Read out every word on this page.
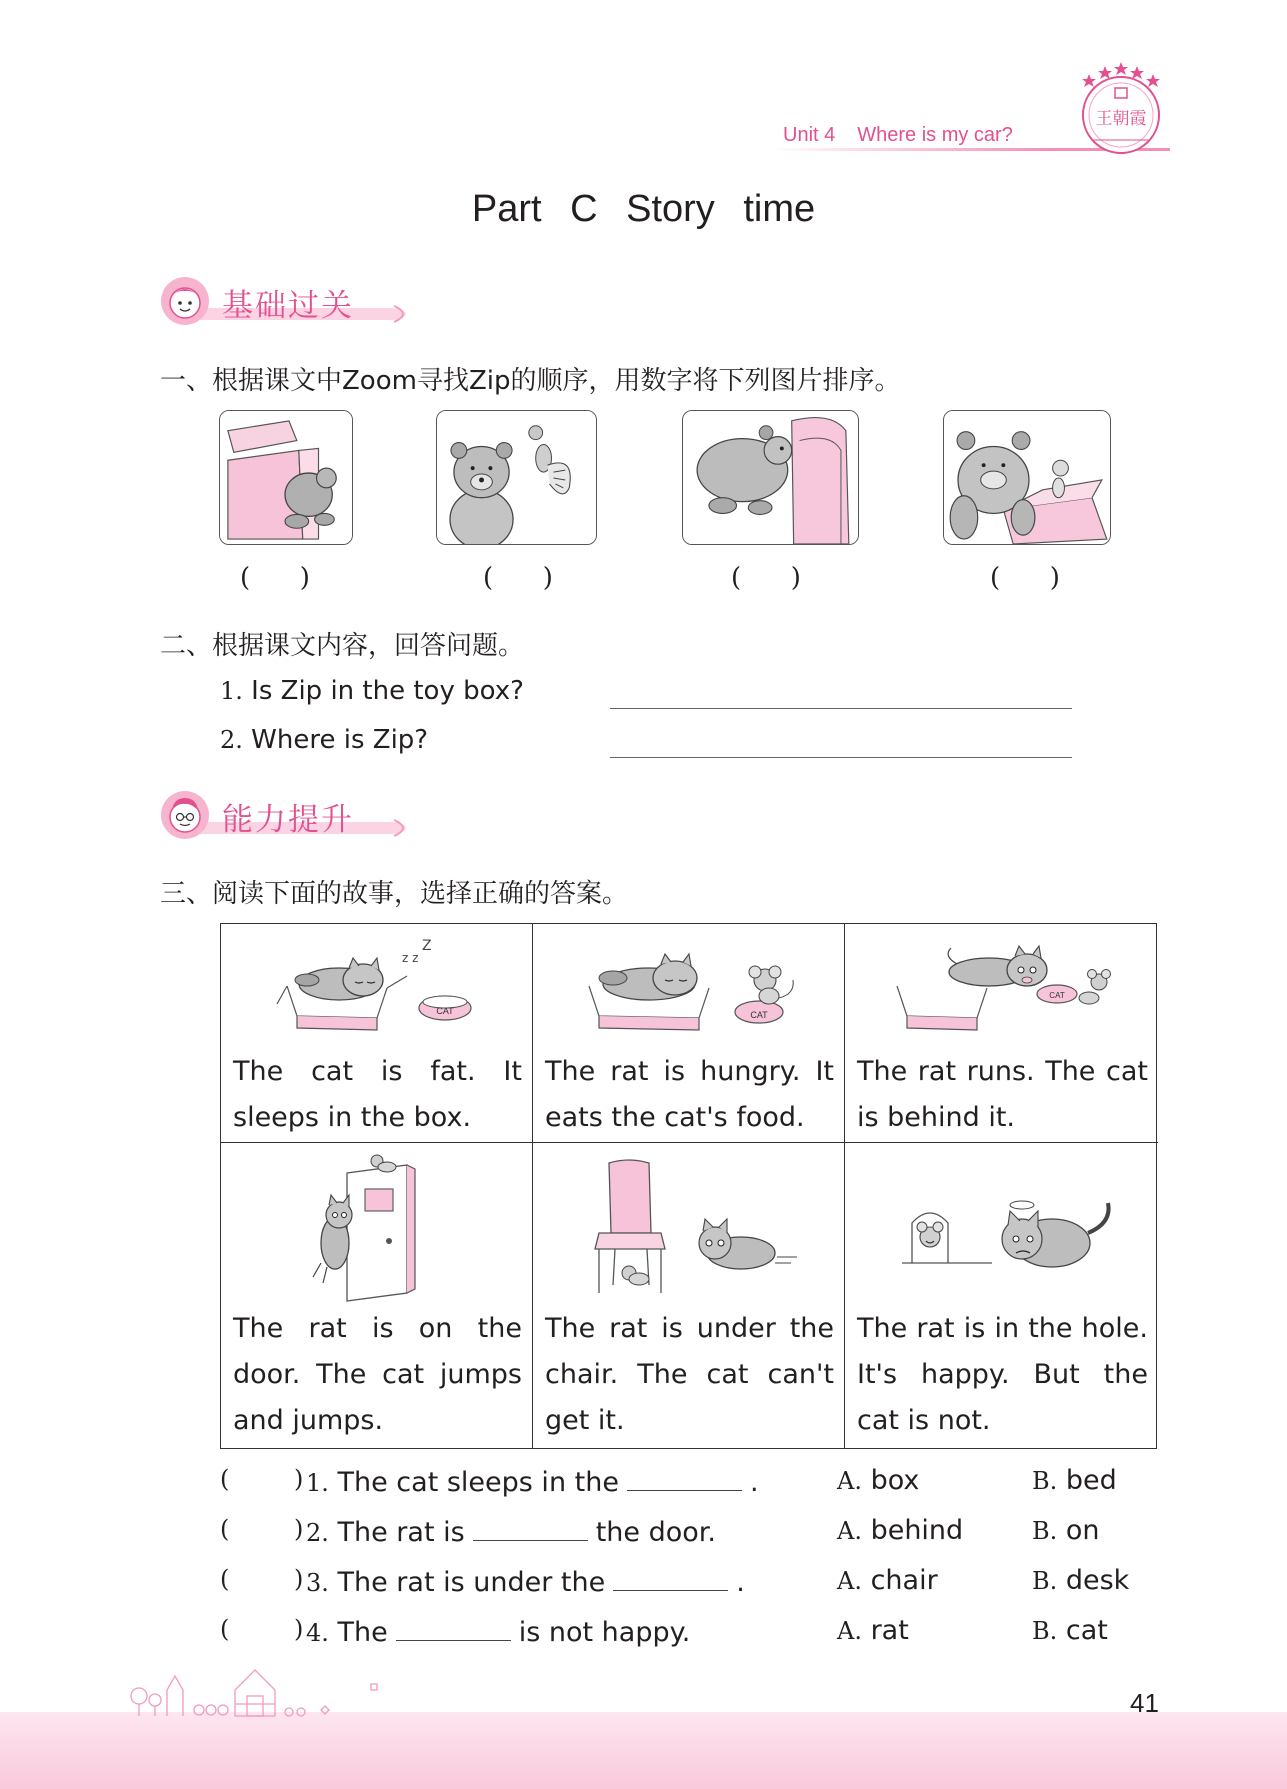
Unit 4 Where is my car?
王朝霞
Part C Story time
基础过关
一、根据课文中Zoom寻找Zip的顺序，用数字将下列图片排序。
(      )	(      )	(      )	(      )
二、根据课文内容，回答问题。
1. Is Zip in the toy box?
2. Where is Zip?
能力提升
三、阅读下面的故事，选择正确的答案。
z z
Z
CAT
The cat is fat. It sleeps in the box.
CAT
The rat is hungry. It eats the cat's food.
CAT
The rat runs. The cat is behind it.
The rat is on the door. The cat jumps and jumps.
The rat is under the chair. The cat can't get it.
The rat is in the hole. It's happy. But the cat is not.
(	) 1. The cat sleeps in the	.	A. box	B. bed
(	) 2. The rat is	the door.	A. behind	B. on
(	) 3. The rat is under the	.	A. chair	B. desk
(	) 4. The	is not happy.	A. rat	B. cat
41
